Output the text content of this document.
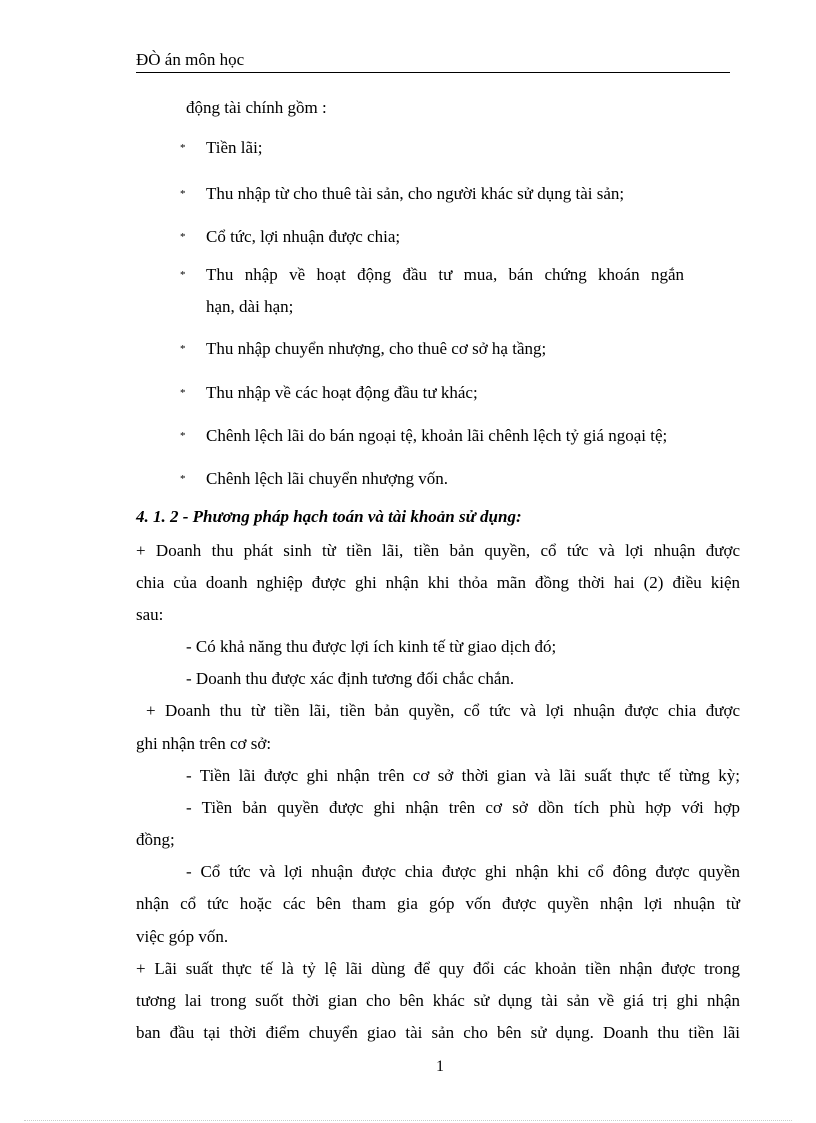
ĐÒ án môn học
động tài chính gồm :
* Tiền lãi;
* Thu nhập từ cho thuê tài sản, cho người khác sử dụng tài sản;
* Cổ tức, lợi nhuận được chia;
* Thu nhập về hoạt động đầu tư mua, bán chứng khoán ngắn
hạn, dài hạn;
* Thu nhập chuyển nhượng, cho thuê cơ sở hạ tầng;
* Thu nhập về các hoạt động đầu tư khác;
* Chênh lệch lãi do bán ngoại tệ, khoản lãi chênh lệch tỷ giá ngoại tệ;
* Chênh lệch lãi chuyển nhượng vốn.
4. 1. 2 - Phương pháp hạch toán và tài khoản sử dụng:
+ Doanh thu phát sinh từ tiền lãi, tiền bản quyền, cổ tức và lợi nhuận được
chia của doanh nghiệp được ghi nhận khi thỏa mãn đồng thời hai (2) điều kiện
sau:
- Có khả năng thu được lợi ích kinh tế từ giao dịch đó;
- Doanh thu được xác định tương đối chắc chắn.
+ Doanh thu từ tiền lãi, tiền bản quyền, cổ tức và lợi nhuận được chia được
ghi nhận trên cơ sở:
- Tiền lãi được ghi nhận trên cơ sở thời gian và lãi suất thực tế từng kỳ;
- Tiền bản quyền được ghi nhận trên cơ sở dồn tích phù hợp với hợp
đồng;
- Cổ tức và lợi nhuận được chia được ghi nhận khi cổ đông được quyền
nhận cổ tức hoặc các bên tham gia góp vốn được quyền nhận lợi nhuận từ
việc góp vốn.
+ Lãi suất thực tế là tỷ lệ lãi dùng để quy đổi các khoản tiền nhận được trong
tương lai trong suốt thời gian cho bên khác sử dụng tài sản về giá trị ghi nhận
ban đầu tại thời điểm chuyển giao tài sản cho bên sử dụng. Doanh thu tiền lãi
1
